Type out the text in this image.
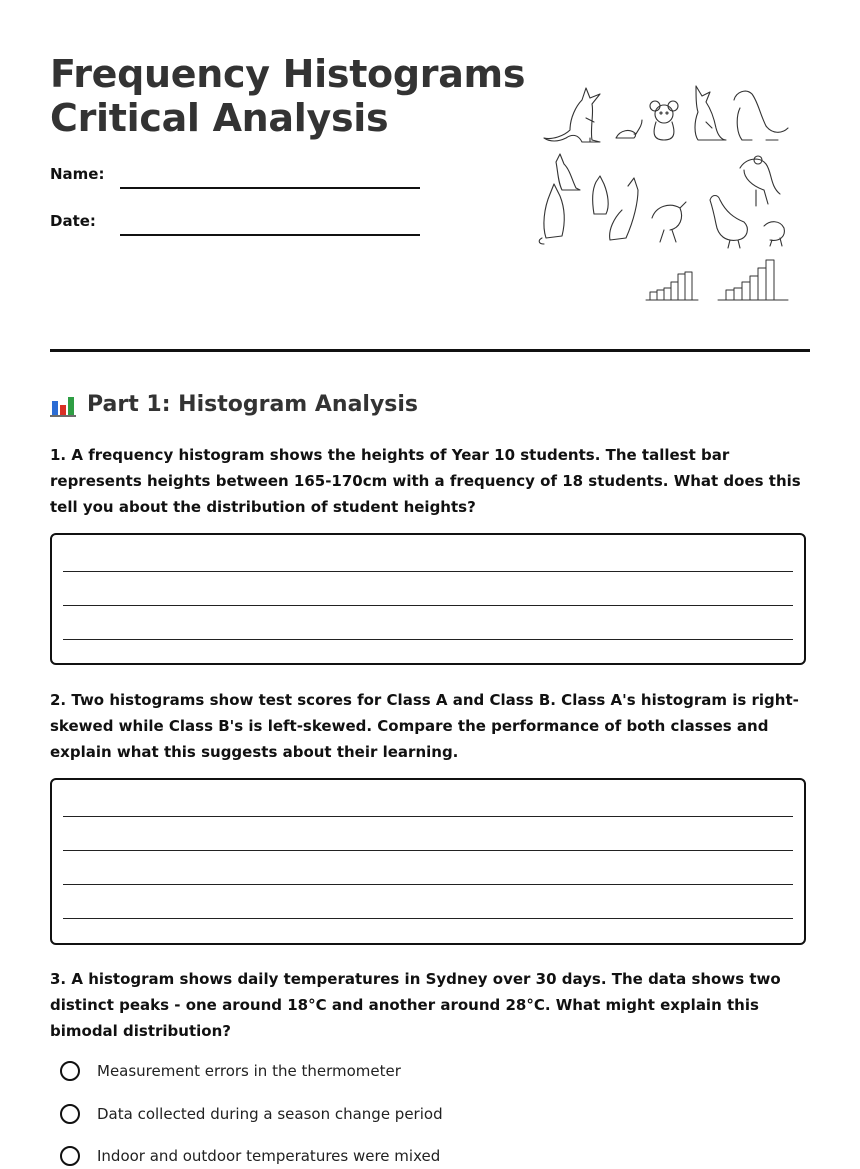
Frequency Histograms
Critical Analysis
Name:
Date:
Part 1: Histogram Analysis

1. A frequency histogram shows the heights of Year 10 students. The tallest bar represents heights between 165-170cm with a frequency of 18 students. What does this tell you about the distribution of student heights?

2. Two histograms show test scores for Class A and Class B. Class A's histogram is right-skewed while Class B's is left-skewed. Compare the performance of both classes and explain what this suggests about their learning.

3. A histogram shows daily temperatures in Sydney over 30 days. The data shows two distinct peaks - one around 18°C and another around 28°C. What might explain this bimodal distribution?

Measurement errors in the thermometer
Data collected during a season change period
Indoor and outdoor temperatures were mixed
